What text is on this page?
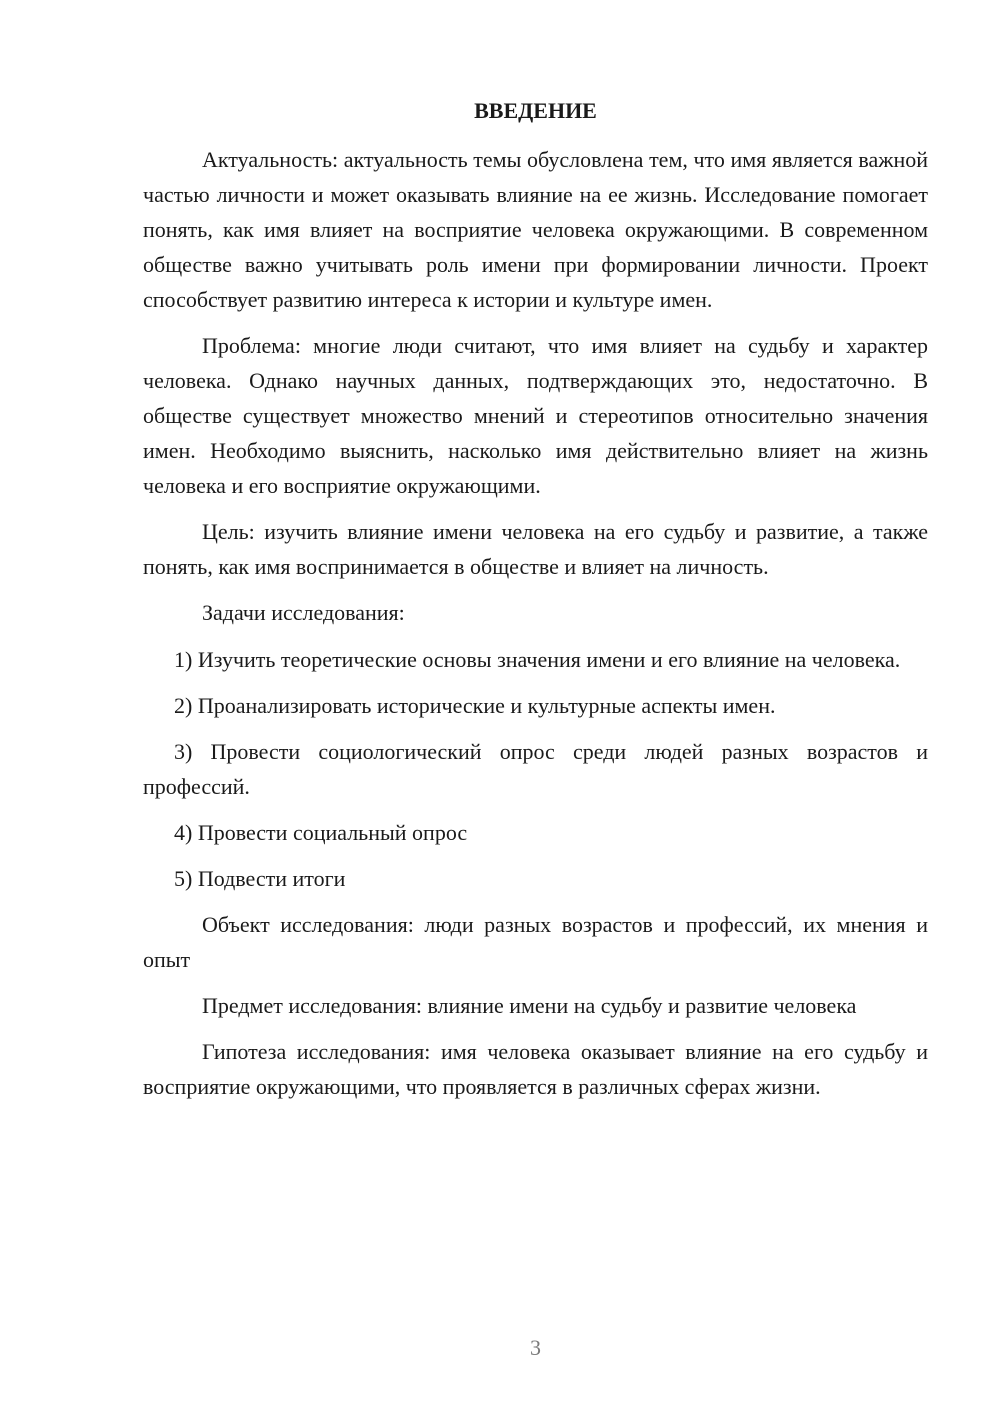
ВВЕДЕНИЕ

Актуальность: актуальность темы обусловлена тем, что имя является важной частью личности и может оказывать влияние на ее жизнь. Исследование помогает понять, как имя влияет на восприятие человека окружающими. В современном обществе важно учитывать роль имени при формировании личности. Проект способствует развитию интереса к истории и культуре имен.

Проблема: многие люди считают, что имя влияет на судьбу и характер человека. Однако научных данных, подтверждающих это, недостаточно. В обществе существует множество мнений и стереотипов относительно значения имен. Необходимо выяснить, насколько имя действительно влияет на жизнь человека и его восприятие окружающими.

Цель: изучить влияние имени человека на его судьбу и развитие, а также понять, как имя воспринимается в обществе и влияет на личность.

Задачи исследования:

1) Изучить теоретические основы значения имени и его влияние на человека.

2) Проанализировать исторические и культурные аспекты имен.

3) Провести социологический опрос среди людей разных возрастов и профессий.

4) Провести социальный опрос

5) Подвести итоги

Объект исследования: люди разных возрастов и профессий, их мнения и опыт

Предмет исследования: влияние имени на судьбу и развитие человека

Гипотеза исследования: имя человека оказывает влияние на его судьбу и восприятие окружающими, что проявляется в различных сферах жизни.

3
